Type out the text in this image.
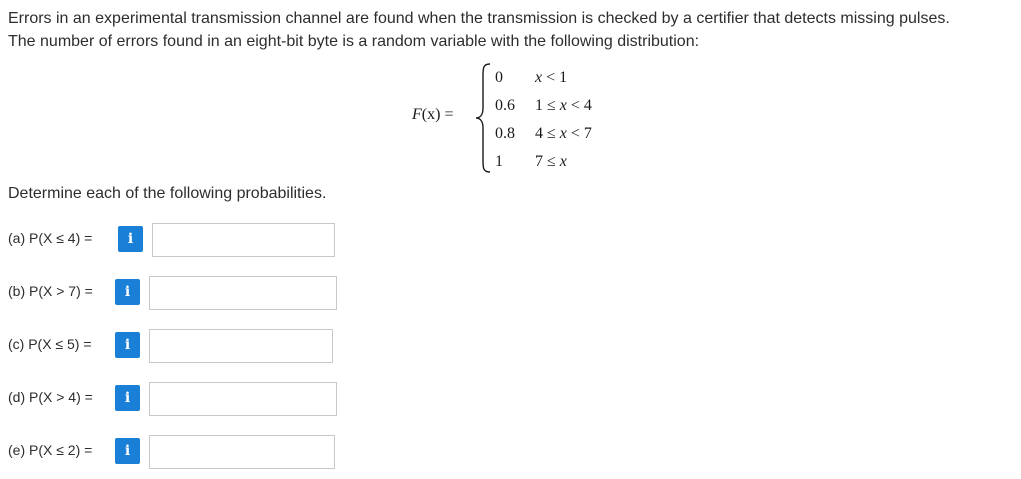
Errors in an experimental transmission channel are found when the transmission is checked by a certifier that detects missing pulses.

The number of errors found in an eight-bit byte is a random variable with the following distribution:

F(x) =
0	x < 1
0.6	1 ≤ x < 4
0.8	4 ≤ x < 7
1	7 ≤ x
Determine each of the following probabilities.
(a) P(X ≤ 4) =	i
(b) P(X > 7) =	i
(c) P(X ≤ 5) =	i
(d) P(X > 4) =	i
(e) P(X ≤ 2) =	i
